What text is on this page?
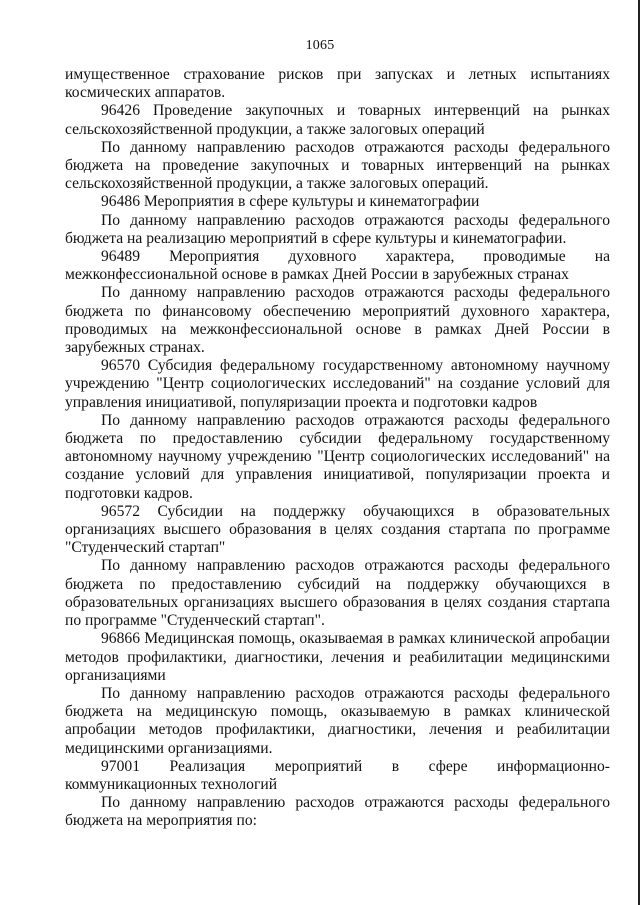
1065

имущественное страхование рисков при запусках и летных испытаниях космических аппаратов.

96426 Проведение закупочных и товарных интервенций на рынках сельскохозяйственной продукции, а также залоговых операций

По данному направлению расходов отражаются расходы федерального бюджета на проведение закупочных и товарных интервенций на рынках сельскохозяйственной продукции, а также залоговых операций.

96486 Мероприятия в сфере культуры и кинематографии

По данному направлению расходов отражаются расходы федерального бюджета на реализацию мероприятий в сфере культуры и кинематографии.

96489 Мероприятия духовного характера, проводимые на межконфессиональной основе в рамках Дней России в зарубежных странах

По данному направлению расходов отражаются расходы федерального бюджета по финансовому обеспечению мероприятий духовного характера, проводимых на межконфессиональной основе в рамках Дней России в зарубежных странах.

96570 Субсидия федеральному государственному автономному научному учреждению "Центр социологических исследований" на создание условий для управления инициативой, популяризации проекта и подготовки кадров

По данному направлению расходов отражаются расходы федерального бюджета по предоставлению субсидии федеральному государственному автономному научному учреждению "Центр социологических исследований" на создание условий для управления инициативой, популяризации проекта и подготовки кадров.

96572 Субсидии на поддержку обучающихся в образовательных организациях высшего образования в целях создания стартапа по программе "Студенческий стартап"

По данному направлению расходов отражаются расходы федерального бюджета по предоставлению субсидий на поддержку обучающихся в образовательных организациях высшего образования в целях создания стартапа по программе "Студенческий стартап".

96866 Медицинская помощь, оказываемая в рамках клинической апробации методов профилактики, диагностики, лечения и реабилитации медицинскими организациями

По данному направлению расходов отражаются расходы федерального бюджета на медицинскую помощь, оказываемую в рамках клинической апробации методов профилактики, диагностики, лечения и реабилитации медицинскими организациями.

97001 Реализация мероприятий в сфере информационно-коммуникационных технологий

По данному направлению расходов отражаются расходы федерального бюджета на мероприятия по:
